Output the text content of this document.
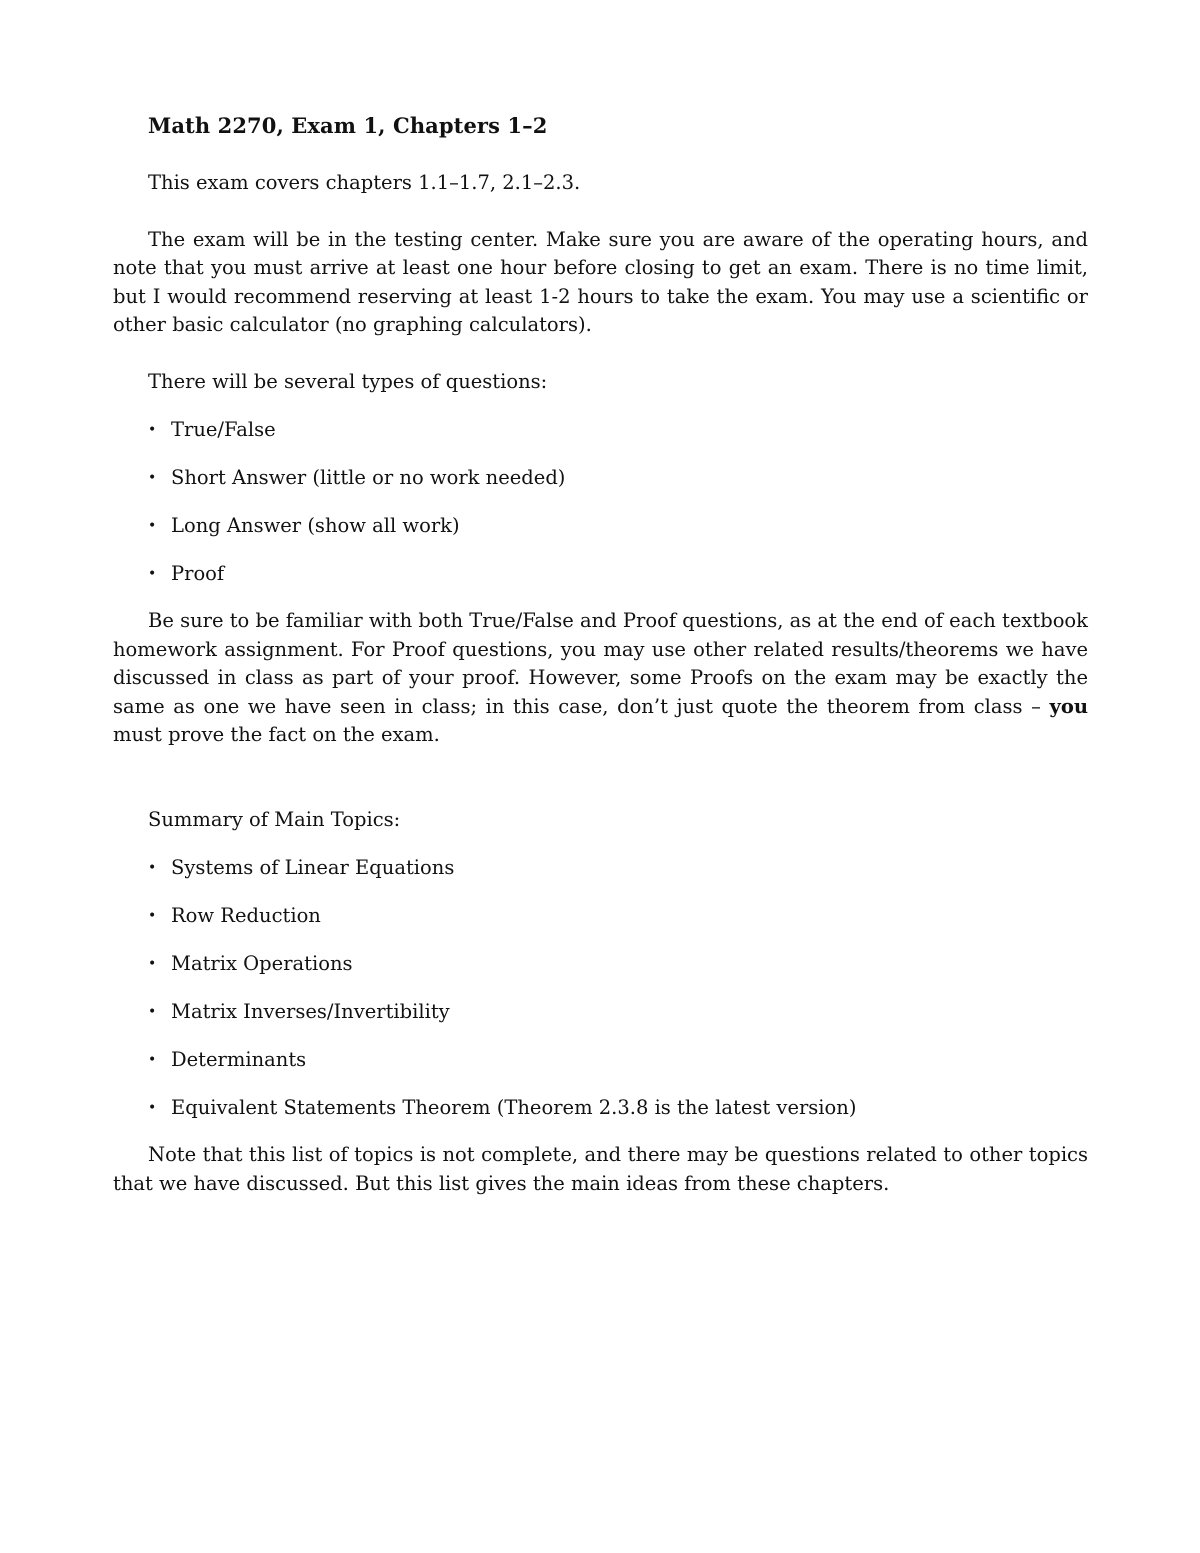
Math 2270, Exam 1, Chapters 1–2

This exam covers chapters 1.1–1.7, 2.1–2.3.

The exam will be in the testing center. Make sure you are aware of the operating hours, and note that you must arrive at least one hour before closing to get an exam. There is no time limit, but I would recommend reserving at least 1-2 hours to take the exam. You may use a scientific or other basic calculator (no graphing calculators).

There will be several types of questions:

• True/False
• Short Answer (little or no work needed)
• Long Answer (show all work)
• Proof

Be sure to be familiar with both True/False and Proof questions, as at the end of each textbook homework assignment. For Proof questions, you may use other related results/theorems we have discussed in class as part of your proof. However, some Proofs on the exam may be exactly the same as one we have seen in class; in this case, don’t just quote the theorem from class – you must prove the fact on the exam.

Summary of Main Topics:

• Systems of Linear Equations
• Row Reduction
• Matrix Operations
• Matrix Inverses/Invertibility
• Determinants
• Equivalent Statements Theorem (Theorem 2.3.8 is the latest version)

Note that this list of topics is not complete, and there may be questions related to other topics that we have discussed. But this list gives the main ideas from these chapters.
